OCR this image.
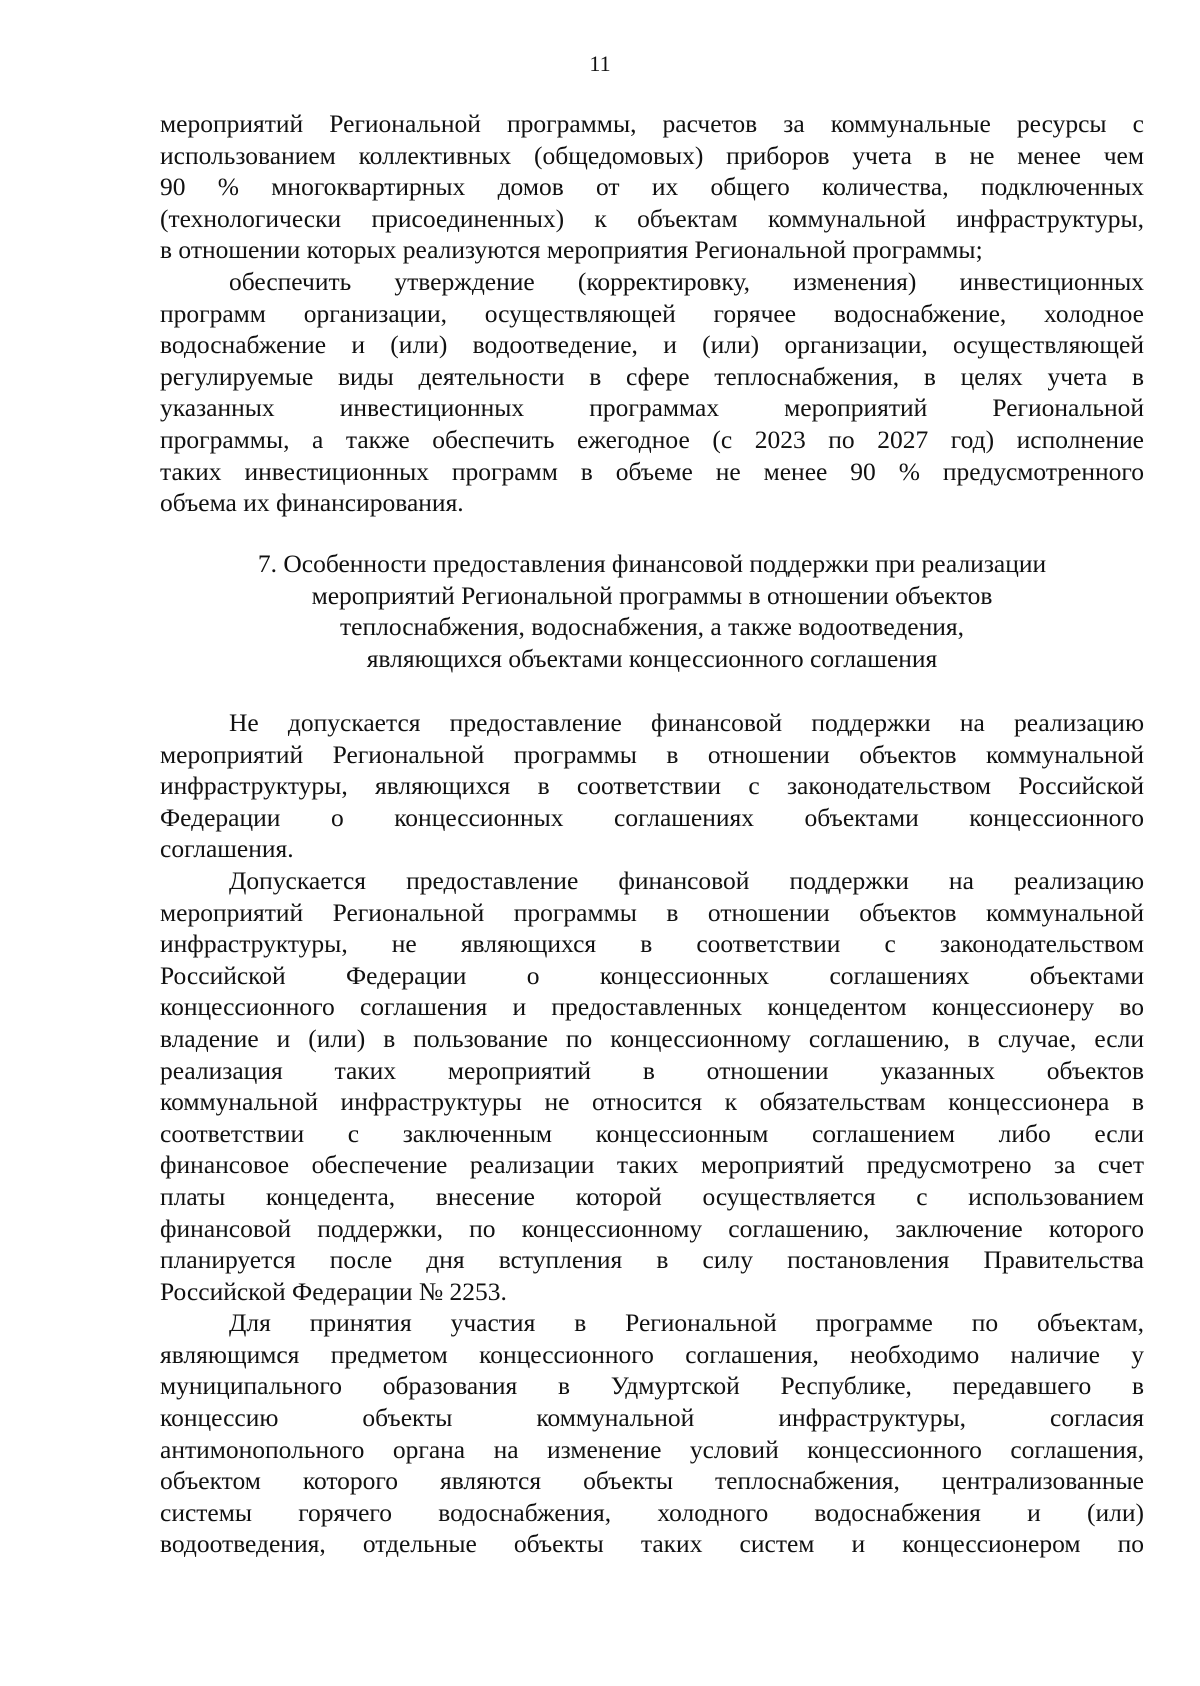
11
мероприятий Региональной программы, расчетов за коммунальные ресурсы с
использованием коллективных (общедомовых) приборов учета в не менее чем
90 % многоквартирных домов от их общего количества, подключенных
(технологически присоединенных) к объектам коммунальной инфраструктуры,
в отношении которых реализуются мероприятия Региональной программы;
обеспечить утверждение (корректировку, изменения) инвестиционных
программ организации, осуществляющей горячее водоснабжение, холодное
водоснабжение и (или) водоотведение, и (или) организации, осуществляющей
регулируемые виды деятельности в сфере теплоснабжения, в целях учета в
указанных инвестиционных программах мероприятий Региональной
программы, а также обеспечить ежегодное (с 2023 по 2027 год) исполнение
таких инвестиционных программ в объеме не менее 90 % предусмотренного
объема их финансирования.
7. Особенности предоставления финансовой поддержки при реализации
мероприятий Региональной программы в отношении объектов
теплоснабжения, водоснабжения, а также водоотведения,
являющихся объектами концессионного соглашения
Не допускается предоставление финансовой поддержки на реализацию
мероприятий Региональной программы в отношении объектов коммунальной
инфраструктуры, являющихся в соответствии с законодательством Российской
Федерации о концессионных соглашениях объектами концессионного
соглашения.
Допускается предоставление финансовой поддержки на реализацию
мероприятий Региональной программы в отношении объектов коммунальной
инфраструктуры, не являющихся в соответствии с законодательством
Российской Федерации о концессионных соглашениях объектами
концессионного соглашения и предоставленных концедентом концессионеру во
владение и (или) в пользование по концессионному соглашению, в случае, если
реализация таких мероприятий в отношении указанных объектов
коммунальной инфраструктуры не относится к обязательствам концессионера в
соответствии с заключенным концессионным соглашением либо если
финансовое обеспечение реализации таких мероприятий предусмотрено за счет
платы концедента, внесение которой осуществляется с использованием
финансовой поддержки, по концессионному соглашению, заключение которого
планируется после дня вступления в силу постановления Правительства
Российской Федерации № 2253.
Для принятия участия в Региональной программе по объектам,
являющимся предметом концессионного соглашения, необходимо наличие у
муниципального образования в Удмуртской Республике, передавшего в
концессию объекты коммунальной инфраструктуры, согласия
антимонопольного органа на изменение условий концессионного соглашения,
объектом которого являются объекты теплоснабжения, централизованные
системы горячего водоснабжения, холодного водоснабжения и (или)
водоотведения, отдельные объекты таких систем и концессионером по
